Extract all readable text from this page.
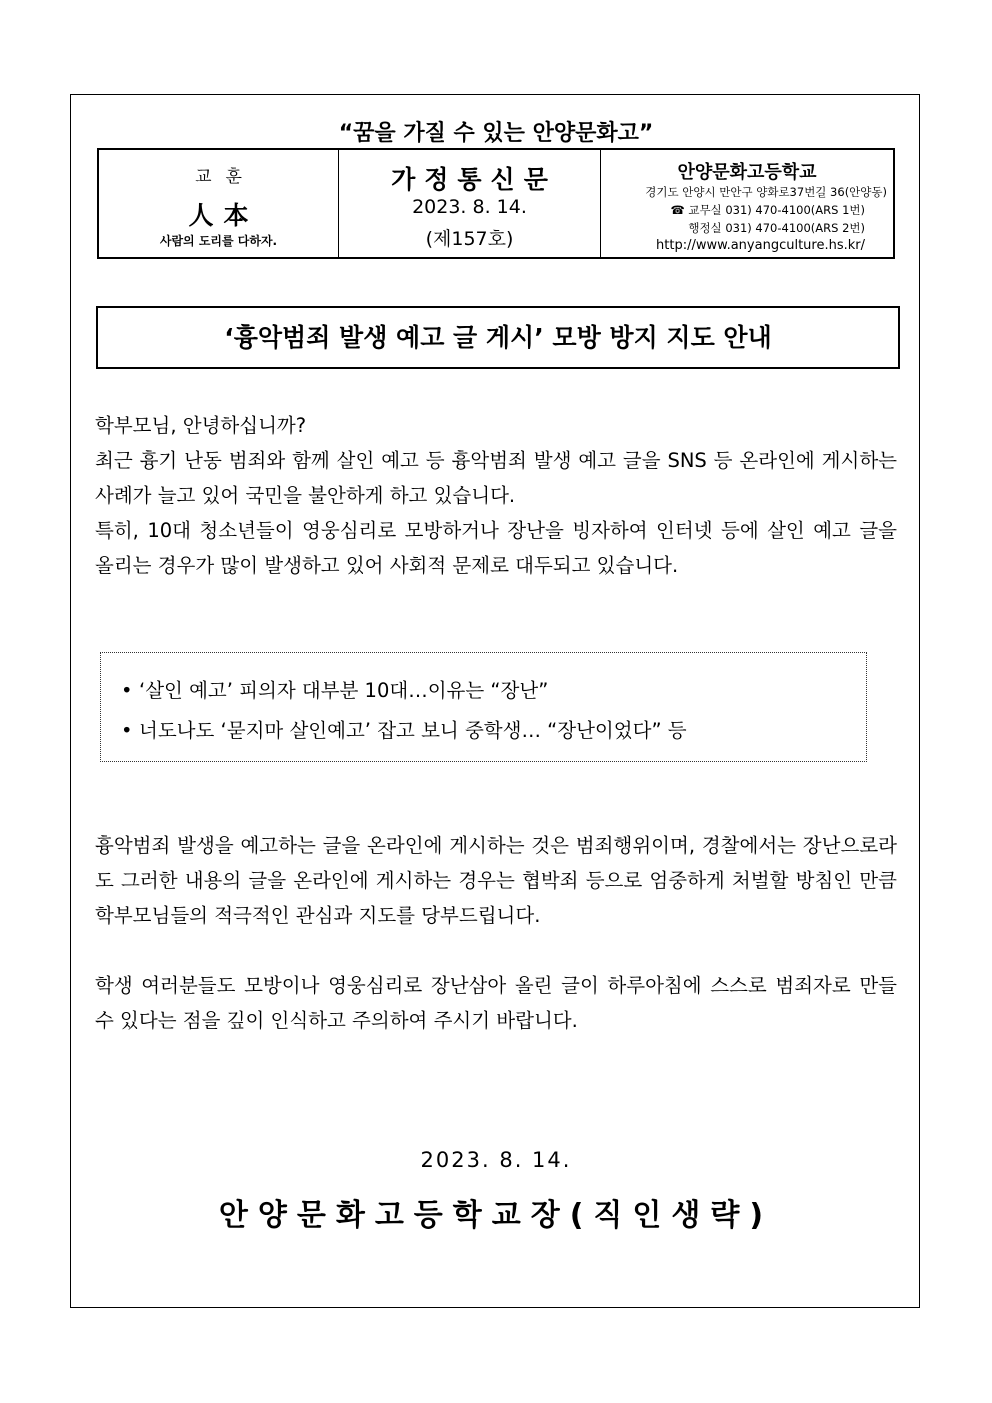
“꿈을 가질 수 있는 안양문화고”
교훈
人本
사람의 도리를 다하자.
가정통신문
2023. 8. 14.
(제157호)
안양문화고등학교
경기도 안양시 만안구 양화로37번길 36(안양동)
☎ 교무실 031) 470-4100(ARS 1번)
행정실 031) 470-4100(ARS 2번)
http://www.anyangculture.hs.kr/
‘흉악범죄 발생 예고 글 게시’ 모방 방지 지도 안내
학부모님, 안녕하십니까?
최근 흉기 난동 범죄와 함께 살인 예고 등 흉악범죄 발생 예고 글을 SNS 등 온라인에 게시하는 사례가 늘고 있어 국민을 불안하게 하고 있습니다.
특히, 10대 청소년들이 영웅심리로 모방하거나 장난을 빙자하여 인터넷 등에 살인 예고 글을 올리는 경우가 많이 발생하고 있어 사회적 문제로 대두되고 있습니다.
• ‘살인 예고’ 피의자 대부분 10대…이유는 “장난”
• 너도나도 ‘묻지마 살인예고’ 잡고 보니 중학생… “장난이었다” 등
흉악범죄 발생을 예고하는 글을 온라인에 게시하는 것은 범죄행위이며, 경찰에서는 장난으로라도 그러한 내용의 글을 온라인에 게시하는 경우는 협박죄 등으로 엄중하게 처벌할 방침인 만큼 학부모님들의 적극적인 관심과 지도를 당부드립니다.
학생 여러분들도 모방이나 영웅심리로 장난삼아 올린 글이 하루아침에 스스로 범죄자로 만들 수 있다는 점을 깊이 인식하고 주의하여 주시기 바랍니다.
2023. 8. 14.
안양문화고등학교장(직인생략)
